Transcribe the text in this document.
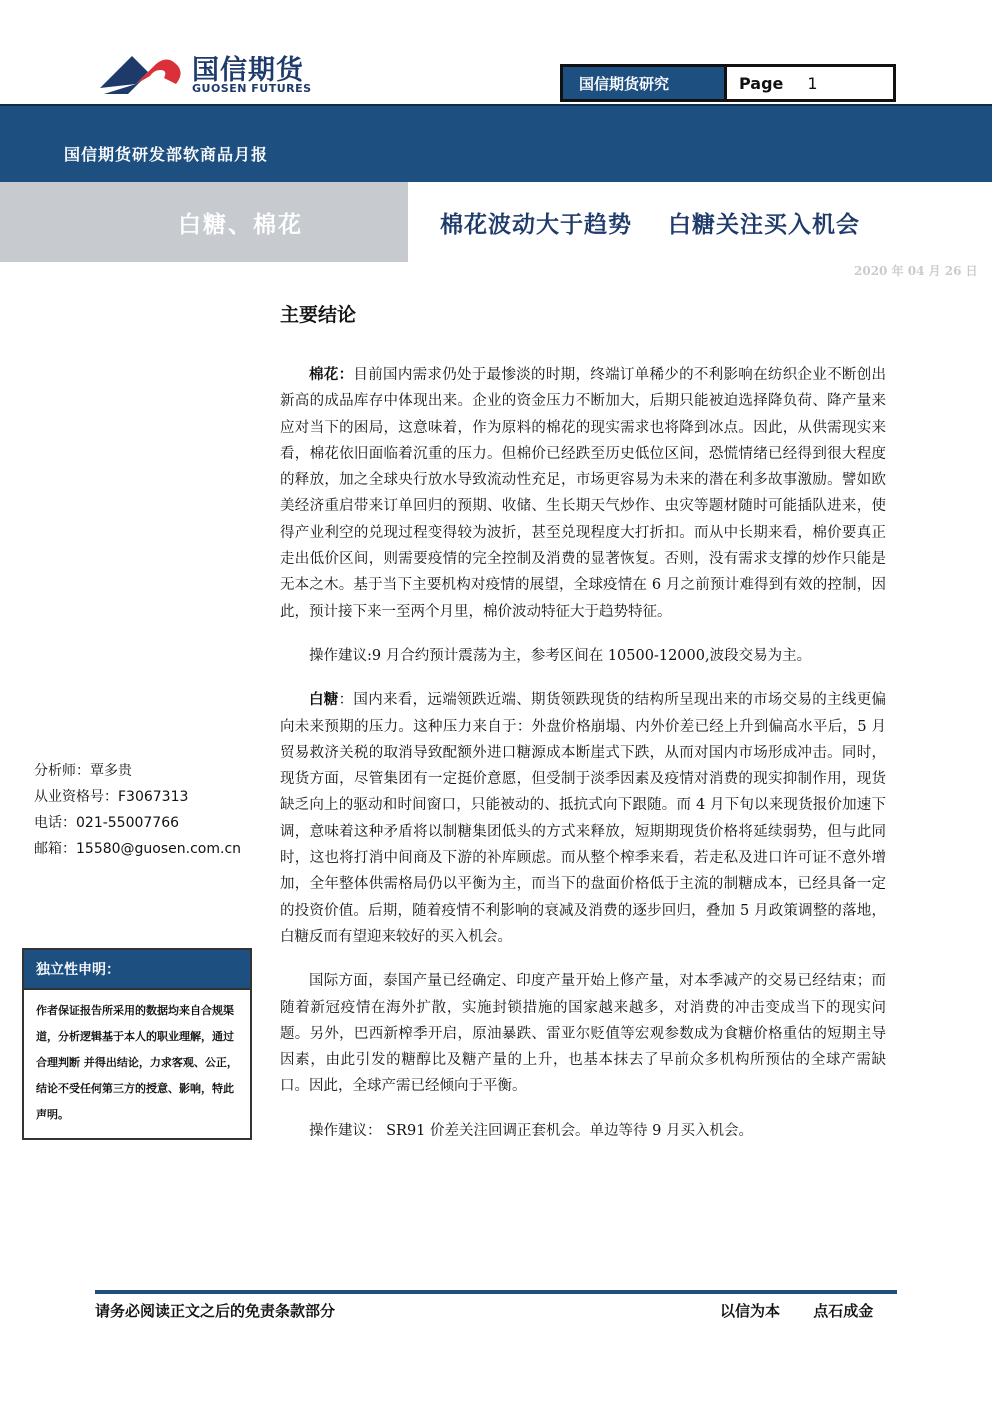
国信期货
GUOSEN FUTURES	国信期货研究	Page 1
国信期货研发部软商品月报
白糖、棉花	棉花波动大于趋势    白糖关注买入机会
2020 年 04 月 26 日
主要结论

棉花：目前国内需求仍处于最惨淡的时期，终端订单稀少的不利影响在纺织企业不断创出新高的成品库存中体现出来。企业的资金压力不断加大，后期只能被迫选择降负荷、降产量来应对当下的困局，这意味着，作为原料的棉花的现实需求也将降到冰点。因此，从供需现实来看，棉花依旧面临着沉重的压力。但棉价已经跌至历史低位区间，恐慌情绪已经得到很大程度的释放，加之全球央行放水导致流动性充足，市场更容易为未来的潜在利多故事激励。譬如欧美经济重启带来订单回归的预期、收储、生长期天气炒作、虫灾等题材随时可能插队进来，使得产业利空的兑现过程变得较为波折，甚至兑现程度大打折扣。而从中长期来看，棉价要真正走出低价区间，则需要疫情的完全控制及消费的显著恢复。否则，没有需求支撑的炒作只能是无本之木。基于当下主要机构对疫情的展望，全球疫情在 6 月之前预计难得到有效的控制，因此，预计接下来一至两个月里，棉价波动特征大于趋势特征。

操作建议:9 月合约预计震荡为主，参考区间在 10500-12000,波段交易为主。

白糖：国内来看，远端领跌近端、期货领跌现货的结构所呈现出来的市场交易的主线更偏向未来预期的压力。这种压力来自于：外盘价格崩塌、内外价差已经上升到偏高水平后，5 月贸易救济关税的取消导致配额外进口糖源成本断崖式下跌，从而对国内市场形成冲击。同时，现货方面，尽管集团有一定挺价意愿，但受制于淡季因素及疫情对消费的现实抑制作用，现货缺乏向上的驱动和时间窗口，只能被动的、抵抗式向下跟随。而 4 月下旬以来现货报价加速下调，意味着这种矛盾将以制糖集团低头的方式来释放，短期期现货价格将延续弱势，但与此同时，这也将打消中间商及下游的补库顾虑。而从整个榨季来看，若走私及进口许可证不意外增加，全年整体供需格局仍以平衡为主，而当下的盘面价格低于主流的制糖成本，已经具备一定的投资价值。后期，随着疫情不利影响的衰减及消费的逐步回归，叠加 5 月政策调整的落地，白糖反而有望迎来较好的买入机会。

国际方面，泰国产量已经确定、印度产量开始上修产量，对本季减产的交易已经结束；而随着新冠疫情在海外扩散，实施封锁措施的国家越来越多，对消费的冲击变成当下的现实问题。另外，巴西新榨季开启，原油暴跌、雷亚尔贬值等宏观参数成为食糖价格重估的短期主导因素，由此引发的糖醇比及糖产量的上升，也基本抹去了早前众多机构所预估的全球产需缺口。因此，全球产需已经倾向于平衡。

操作建议： SR91 价差关注回调正套机会。单边等待 9 月买入机会。

分析师：覃多贵
从业资格号：F3067313
电话：021-55007766
邮箱：15580@guosen.com.cn
独立性申明：
作者保证报告所采用的数据均来自合规渠道，分析逻辑基于本人的职业理解，通过合理判断 并得出结论，力求客观、公正，结论不受任何第三方的授意、影响，特此声明。
请务必阅读正文之后的免责条款部分	以信为本 点石成金
